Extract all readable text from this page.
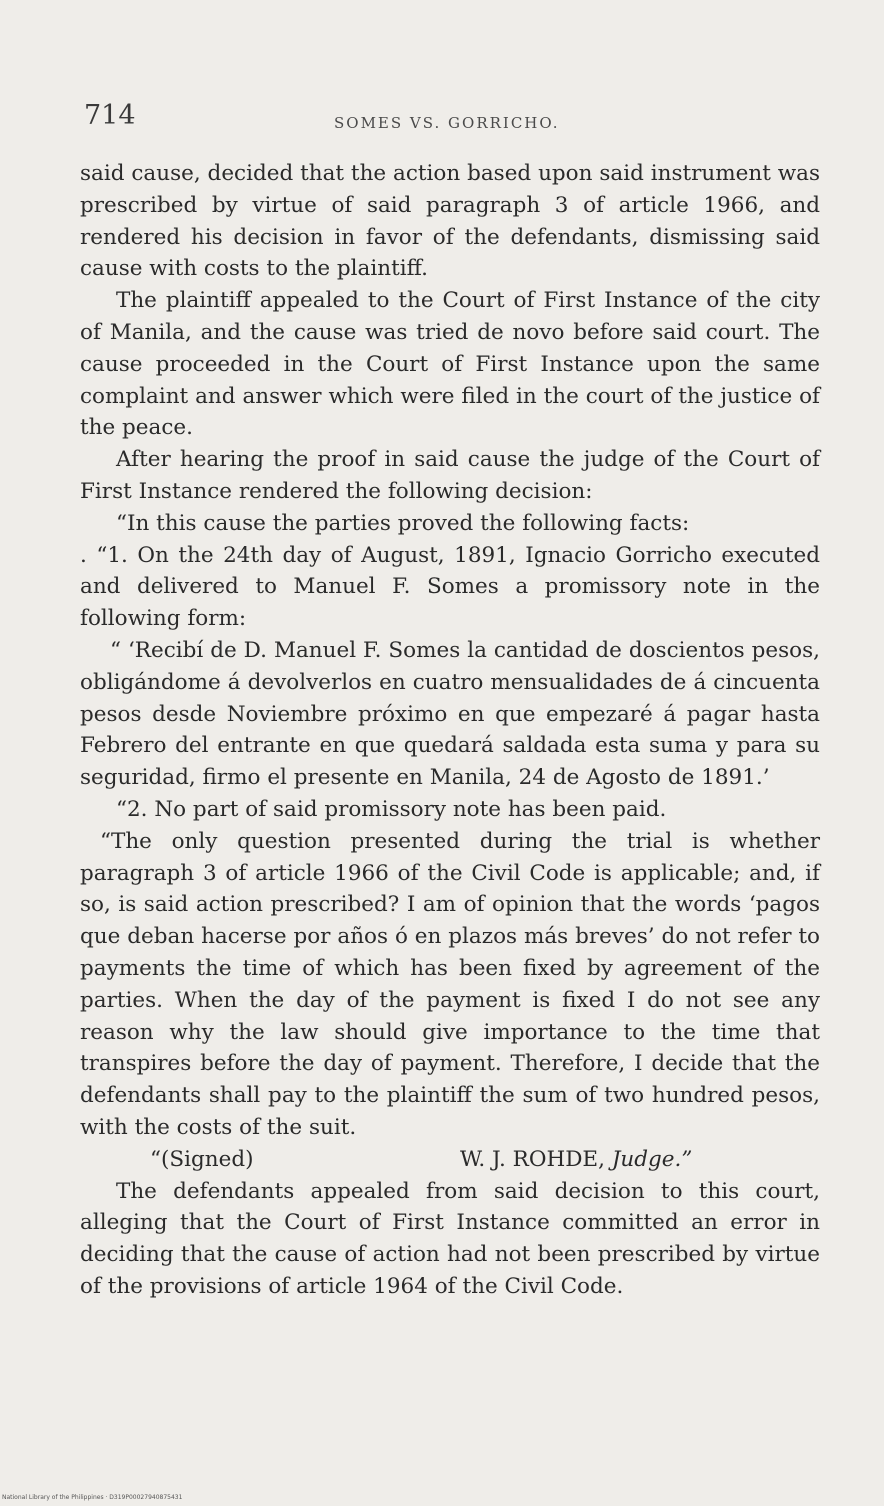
714	SOMES VS. GORRICHO.

said cause, decided that the action based upon said instrument was prescribed by virtue of said paragraph 3 of article 1966, and rendered his decision in favor of the defendants, dismissing said cause with costs to the plaintiff.

The plaintiff appealed to the Court of First Instance of the city of Manila, and the cause was tried de novo before said court. The cause proceeded in the Court of First Instance upon the same complaint and answer which were filed in the court of the justice of the peace.

After hearing the proof in said cause the judge of the Court of First Instance rendered the following decision:

“In this cause the parties proved the following facts:

. “1. On the 24th day of August, 1891, Ignacio Gorricho executed and delivered to Manuel F. Somes a promissory note in the following form:

“ ‘Recibí de D. Manuel F. Somes la cantidad de doscientos pesos, obligándome á devolverlos en cuatro mensualidades de á cincuenta pesos desde Noviembre próximo en que empezaré á pagar hasta Febrero del entrante en que quedará saldada esta suma y para su seguridad, firmo el presente en Manila, 24 de Agosto de 1891.’

“2. No part of said promissory note has been paid.

“The only question presented during the trial is whether paragraph 3 of article 1966 of the Civil Code is applicable; and, if so, is said action prescribed? I am of opinion that the words ‘pagos que deban hacerse por años ó en plazos más breves’ do not refer to payments the time of which has been fixed by agreement of the parties. When the day of the payment is fixed I do not see any reason why the law should give importance to the time that transpires before the day of payment. Therefore, I decide that the defendants shall pay to the plaintiff the sum of two hundred pesos, with the costs of the suit.

“(Signed)	W. J. ROHDE, Judge.”

The defendants appealed from said decision to this court, alleging that the Court of First Instance committed an error in deciding that the cause of action had not been prescribed by virtue of the provisions of article 1964 of the Civil Code.

National Library of the Philippines · D319P00027940875431
